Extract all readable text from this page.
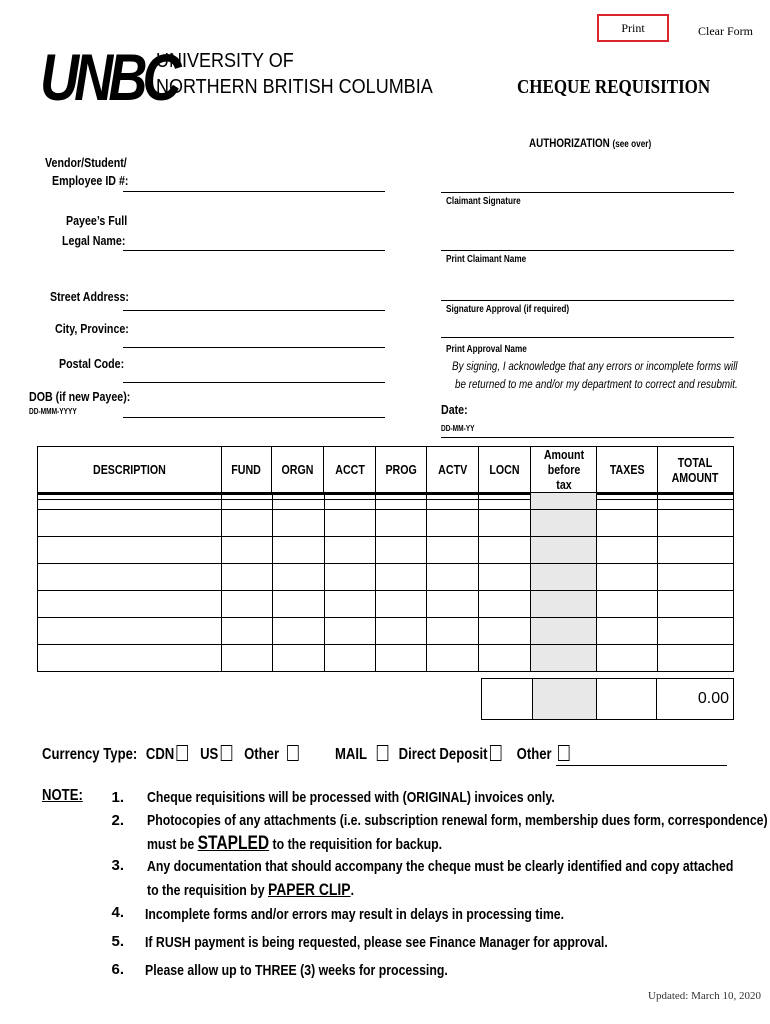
Print	Clear Form
UNBC
UNIVERSITY OF
NORTHERN BRITISH COLUMBIA	CHEQUE REQUISITION
AUTHORIZATION (see over)
Vendor/Student/
Employee ID #:
Payee’s Full
Legal Name:
Street Address:
City, Province:
Postal Code:
DOB (if new Payee):
DD-MMM-YYYY
Claimant Signature
Print Claimant Name
Signature Approval (if required)
Print Approval Name
By signing, I acknowledge that any errors or incomplete forms will
be returned to me and/or my department to correct and resubmit.
Date:
DD-MM-YY
DESCRIPTION	FUND	ORGN	ACCT	PROG	ACTV	LOCN	Amount before tax	TAXES	TOTAL AMOUNT

			0.00
Currency Type: CDN US Other	MAIL Direct Deposit Other
NOTE:	1. Cheque requisitions will be processed with (ORIGINAL) invoices only.
2. Photocopies of any attachments (i.e. subscription renewal form, membership dues form, correspondence)
must be STAPLED to the requisition for backup.
3. Any documentation that should accompany the cheque must be clearly identified and copy attached
to the requisition by PAPER CLIP.
4. Incomplete forms and/or errors may result in delays in processing time.
5. If RUSH payment is being requested, please see Finance Manager for approval.
6. Please allow up to THREE (3) weeks for processing.
Updated: March 10, 2020
